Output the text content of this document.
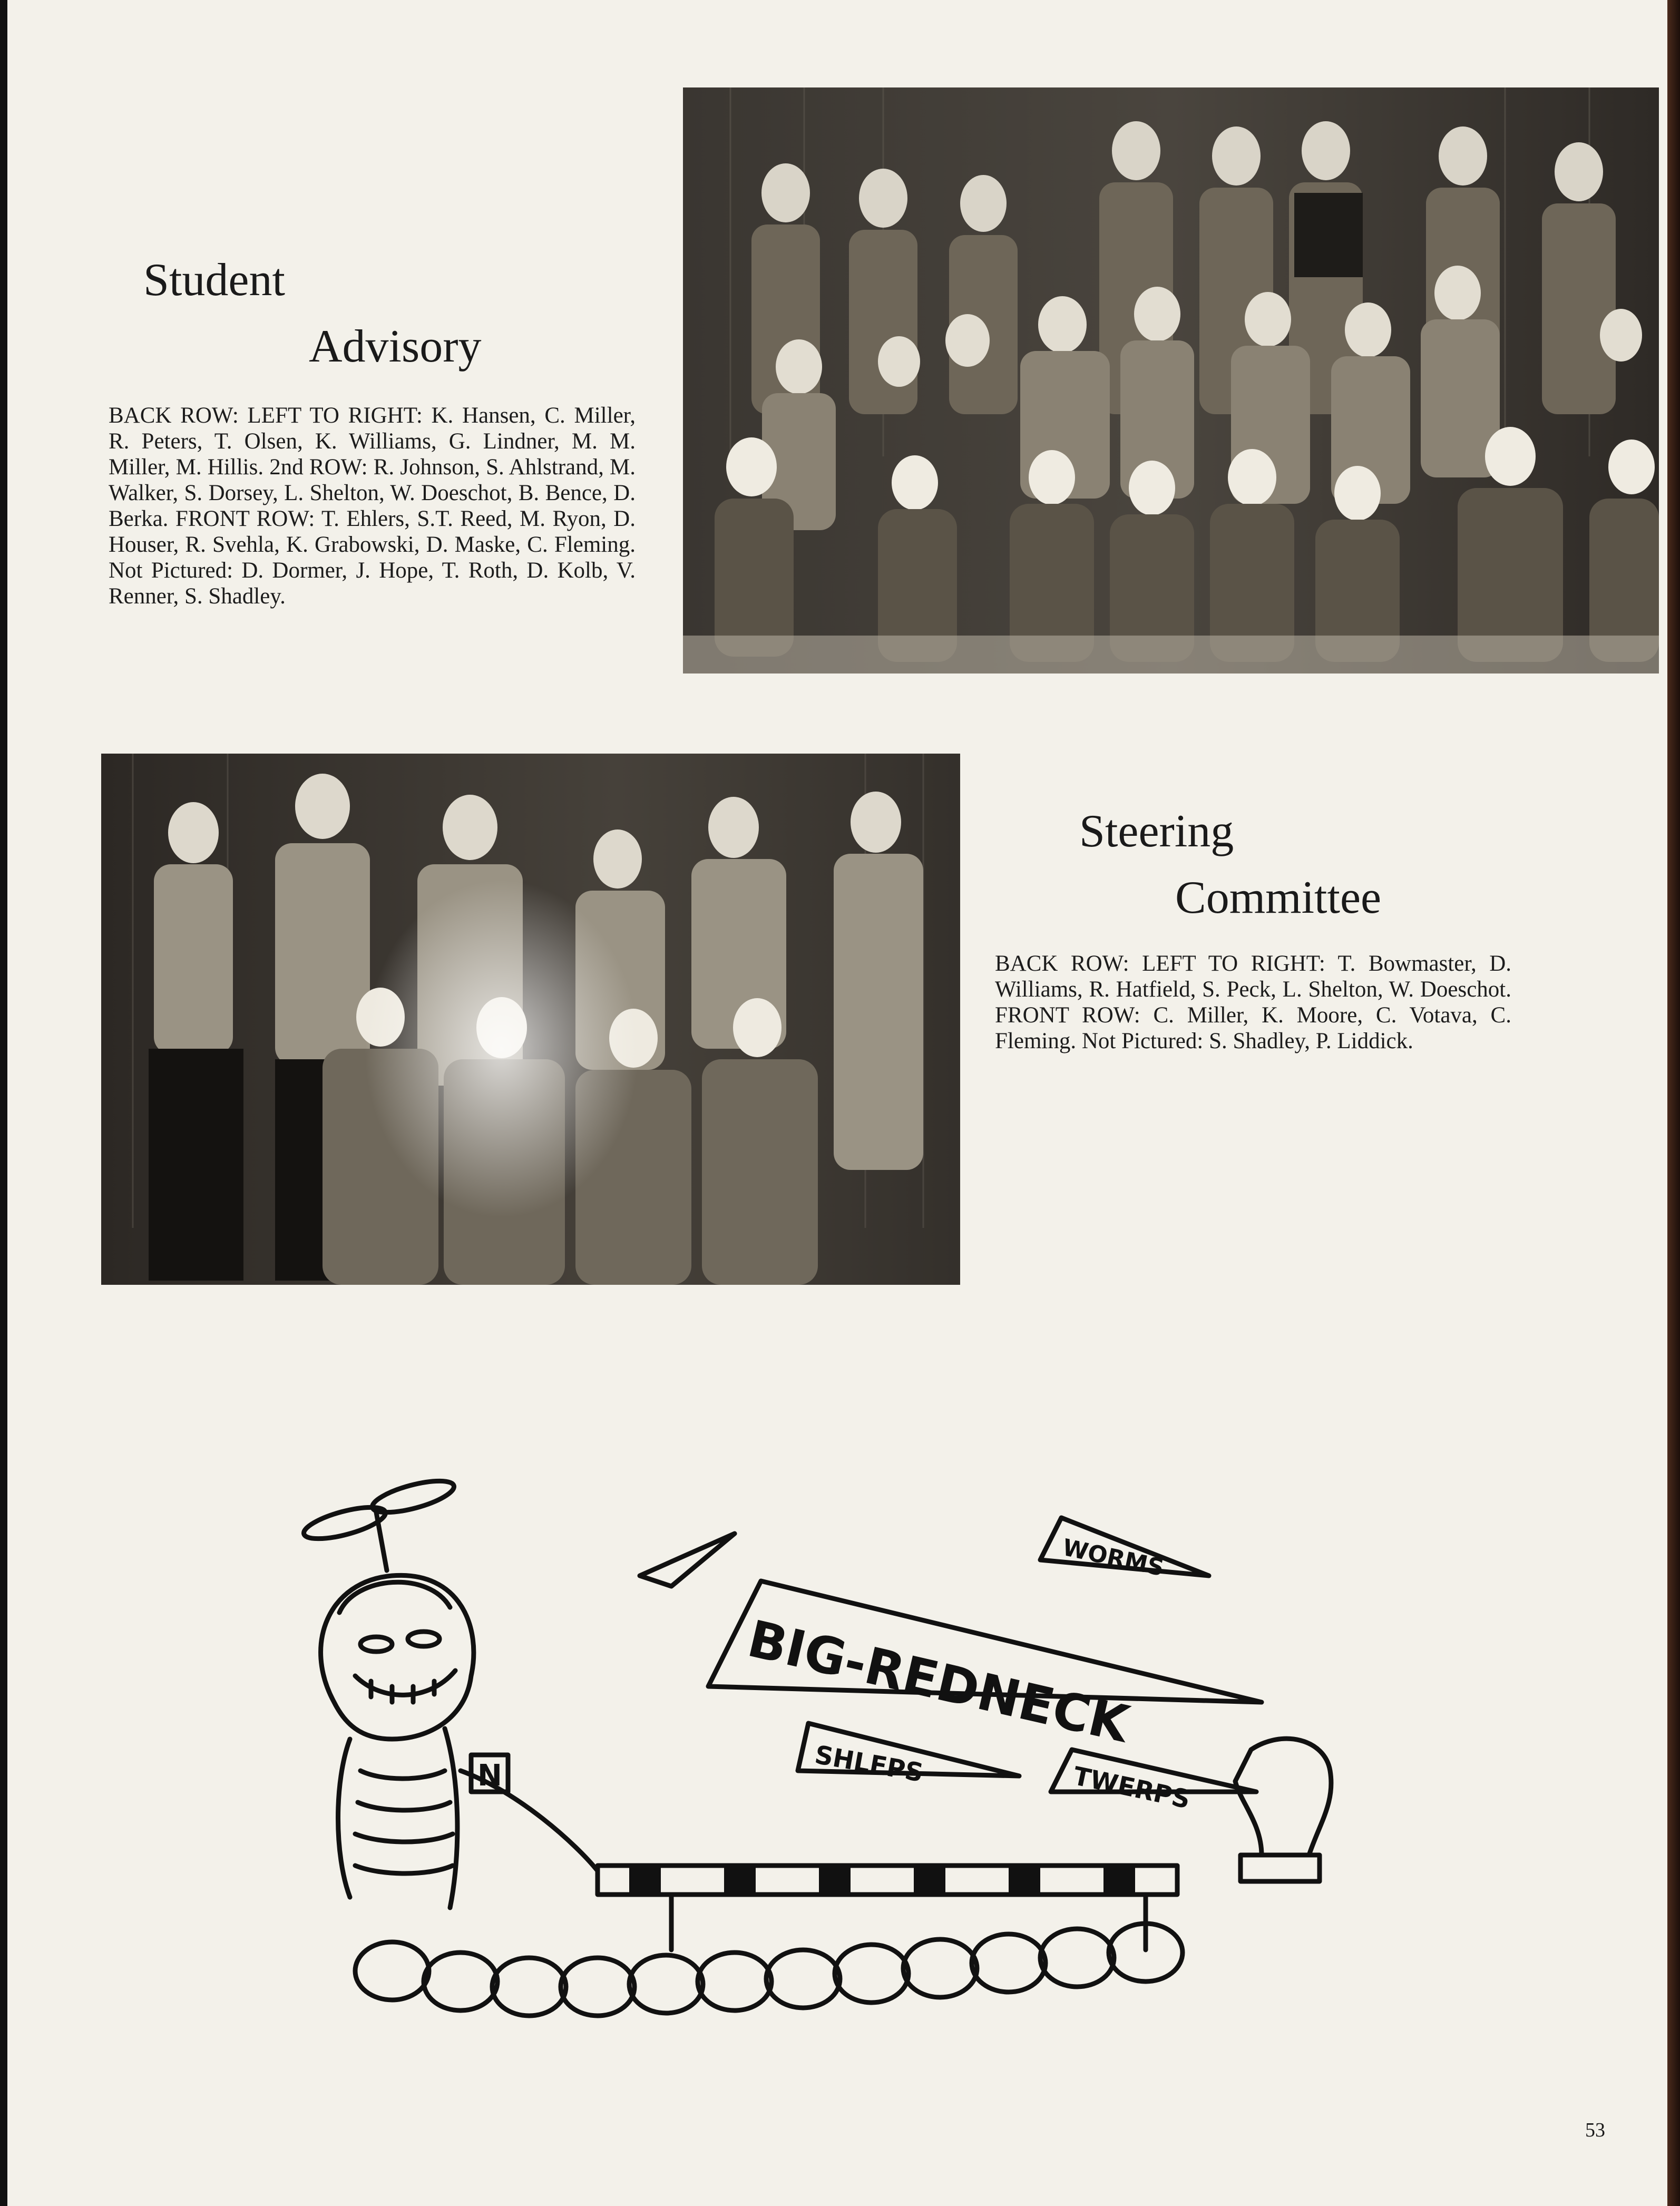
Student
Advisory

BACK ROW: LEFT TO RIGHT: K. Hansen, C. Miller, R. Peters, T. Olsen, K. Williams, G. Lindner, M. M. Miller, M. Hillis. 2nd ROW: R. Johnson, S. Ahlstrand, M. Walker, S. Dorsey, L. Shelton, W. Doeschot, B. Bence, D. Berka. FRONT ROW: T. Ehlers, S.T. Reed, M. Ryon, D. Houser, R. Svehla, K. Grabowski, D. Maske, C. Fleming. Not Pictured: D. Dormer, J. Hope, T. Roth, D. Kolb, V. Renner, S. Shadley.

Steering
Committee

BACK ROW: LEFT TO RIGHT: T. Bowmaster, D. Williams, R. Hatfield, S. Peck, L. Shelton, W. Doeschot. FRONT ROW: C. Miller, K. Moore, C. Votava, C. Fleming. Not Pictured: S. Shadley, P. Liddick.

WORMS
BIG-REDNECK
SHLEPS	TWERPS
N
53
